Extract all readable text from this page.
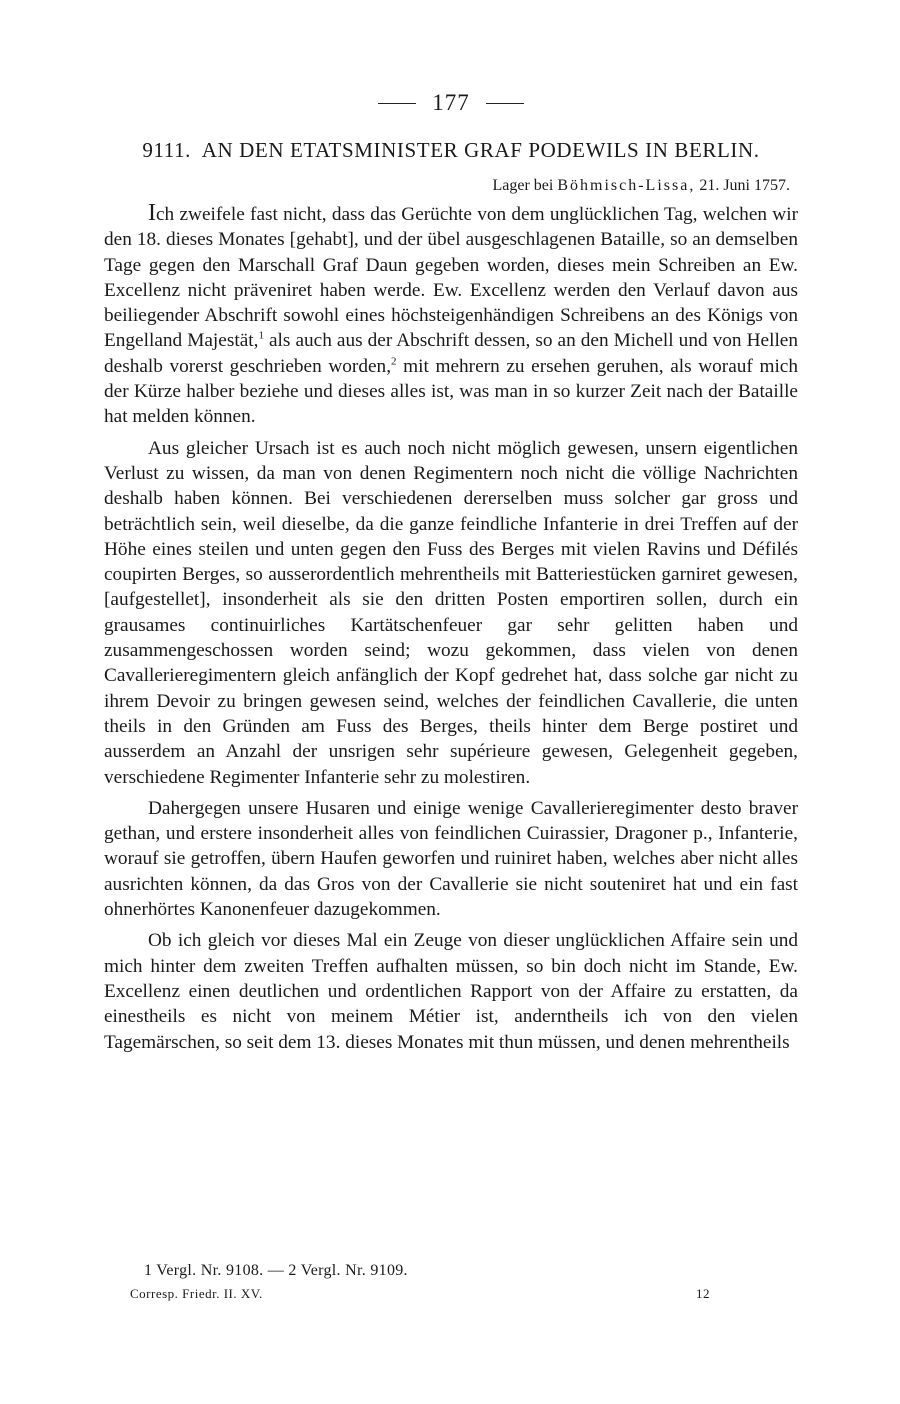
177
9111. AN DEN ETATSMINISTER GRAF PODEWILS IN BERLIN.
Lager bei Böhmisch-Lissa, 21. Juni 1757.

Ich zweifele fast nicht, dass das Gerüchte von dem unglücklichen Tag, welchen wir den 18. dieses Monates [gehabt], und der übel ausgeschlagenen Bataille, so an demselben Tage gegen den Marschall Graf Daun gegeben worden, dieses mein Schreiben an Ew. Excellenz nicht präveniret haben werde. Ew. Excellenz werden den Verlauf davon aus beiliegender Abschrift sowohl eines höchsteigenhändigen Schreibens an des Königs von Engelland Majestät,$^1$ als auch aus der Abschrift dessen, so an den Michell und von Hellen deshalb vorerst geschrieben worden,$^2$ mit mehrern zu ersehen geruhen, als worauf mich der Kürze halber beziehe und dieses alles ist, was man in so kurzer Zeit nach der Bataille hat melden können.

Aus gleicher Ursach ist es auch noch nicht möglich gewesen, unsern eigentlichen Verlust zu wissen, da man von denen Regimentern noch nicht die völlige Nachrichten deshalb haben können. Bei verschiedenen dererselben muss solcher gar gross und beträchtlich sein, weil dieselbe, da die ganze feindliche Infanterie in drei Treffen auf der Höhe eines steilen und unten gegen den Fuss des Berges mit vielen Ravins und Défilés coupirten Berges, so ausserordentlich mehrentheils mit Batteriestücken garniret gewesen, [aufgestellet], insonderheit als sie den dritten Posten emportiren sollen, durch ein grausames continuirliches Kartätschenfeuer gar sehr gelitten haben und zusammengeschossen worden seind; wozu gekommen, dass vielen von denen Cavallerieregimentern gleich anfänglich der Kopf gedrehet hat, dass solche gar nicht zu ihrem Devoir zu bringen gewesen seind, welches der feindlichen Cavallerie, die unten theils in den Gründen am Fuss des Berges, theils hinter dem Berge postiret und ausserdem an Anzahl der unsrigen sehr supérieure gewesen, Gelegenheit gegeben, verschiedene Regimenter Infanterie sehr zu molestiren.

Dahergegen unsere Husaren und einige wenige Cavallerieregimenter desto braver gethan, und erstere insonderheit alles von feindlichen Cuirassier, Dragoner p., Infanterie, worauf sie getroffen, übern Haufen geworfen und ruiniret haben, welches aber nicht alles ausrichten können, da das Gros von der Cavallerie sie nicht souteniret hat und ein fast ohnerhörtes Kanonenfeuer dazugekommen.

Ob ich gleich vor dieses Mal ein Zeuge von dieser unglücklichen Affaire sein und mich hinter dem zweiten Treffen aufhalten müssen, so bin doch nicht im Stande, Ew. Excellenz einen deutlichen und ordentlichen Rapport von der Affaire zu erstatten, da einestheils es nicht von meinem Métier ist, anderntheils ich von den vielen Tagemärschen, so seit dem 13. dieses Monates mit thun müssen, und denen mehrentheils

1 Vergl. Nr. 9108. — 2 Vergl. Nr. 9109.
Corresp. Friedr. II. XV.	12
